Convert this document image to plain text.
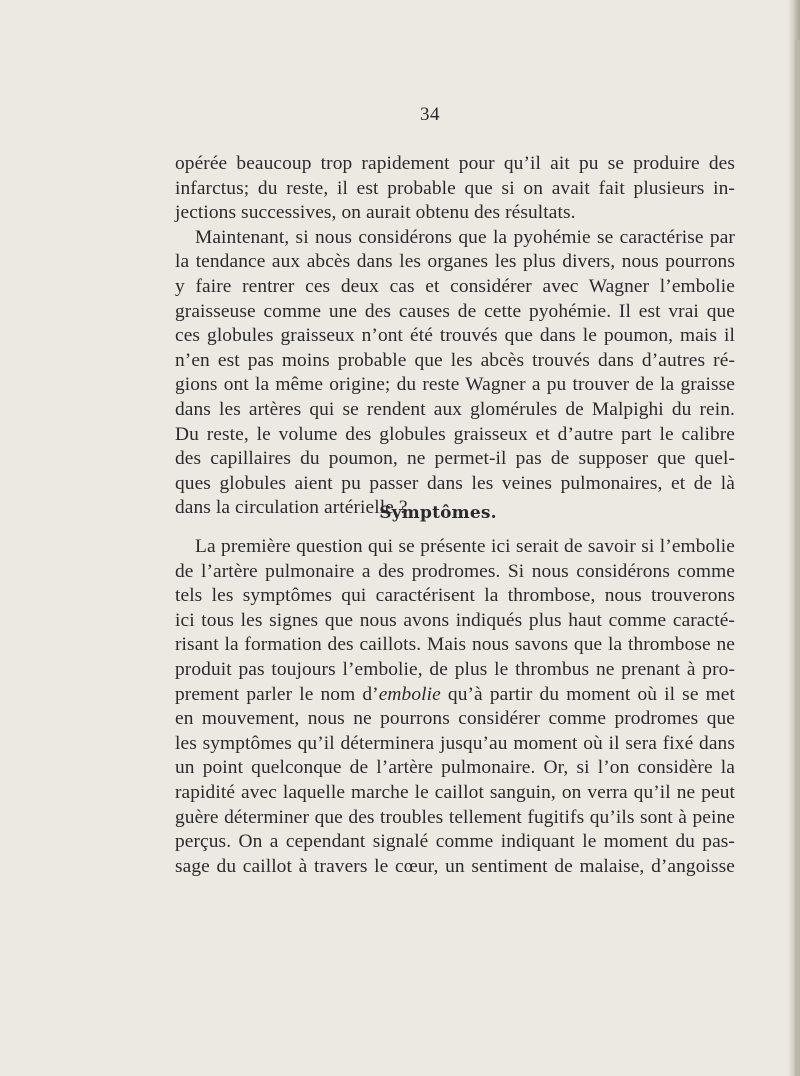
34
opérée beaucoup trop rapidement pour qu’il ait pu se produire des
infarctus; du reste, il est probable que si on avait fait plusieurs in-
jections successives, on aurait obtenu des résultats.
Maintenant, si nous considérons que la pyohémie se caractérise par
la tendance aux abcès dans les organes les plus divers, nous pourrons
y faire rentrer ces deux cas et considérer avec Wagner l’embolie
graisseuse comme une des causes de cette pyohémie. Il est vrai que
ces globules graisseux n’ont été trouvés que dans le poumon, mais il
n’en est pas moins probable que les abcès trouvés dans d’autres ré-
gions ont la même origine; du reste Wagner a pu trouver de la graisse
dans les artères qui se rendent aux glomérules de Malpighi du rein.
Du reste, le volume des globules graisseux et d’autre part le calibre
des capillaires du poumon, ne permet-il pas de supposer que quel-
ques globules aient pu passer dans les veines pulmonaires, et de là
dans la circulation artérielle ?
Symptômes.
La première question qui se présente ici serait de savoir si l’embolie
de l’artère pulmonaire a des prodromes. Si nous considérons comme
tels les symptômes qui caractérisent la thrombose, nous trouverons
ici tous les signes que nous avons indiqués plus haut comme caracté-
risant la formation des caillots. Mais nous savons que la thrombose ne
produit pas toujours l’embolie, de plus le thrombus ne prenant à pro-
prement parler le nom d’embolie qu’à partir du moment où il se met
en mouvement, nous ne pourrons considérer comme prodromes que
les symptômes qu’il déterminera jusqu’au moment où il sera fixé dans
un point quelconque de l’artère pulmonaire. Or, si l’on considère la
rapidité avec laquelle marche le caillot sanguin, on verra qu’il ne peut
guère déterminer que des troubles tellement fugitifs qu’ils sont à peine
perçus. On a cependant signalé comme indiquant le moment du pas-
sage du caillot à travers le cœur, un sentiment de malaise, d’angoisse
